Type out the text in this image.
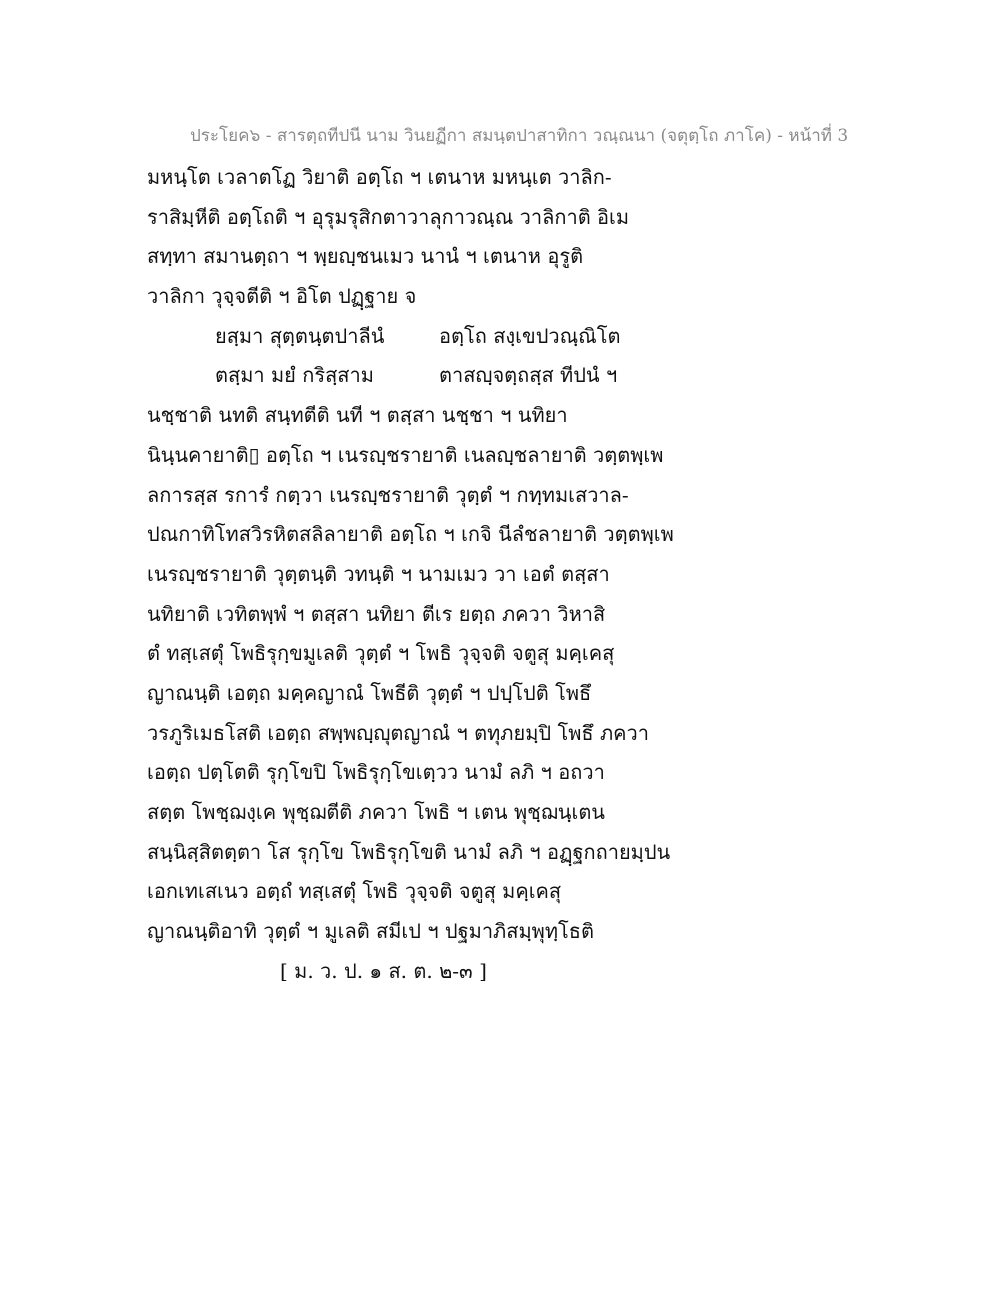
ประโยค๖ - สารตฺถทีปนี นาม วินยฏีกา สมนฺตปาสาทิกา วณฺณนา (จตุตฺโถ ภาโค) - หน้าที่ 3
มหนฺโต เวลาตโฏ วิยาติ อตฺโถ ฯ เตนาห มหนฺเต วาลิก-
ราสิมฺหีติ อตฺโถติ ฯ อุรุมรุสิกตาวาลุกาวณฺณ วาลิกาติ อิเม
สทฺทา สมานตฺถา ฯ พฺยญฺชนเมว นานํ ฯ เตนาห อุรูติ
วาลิกา วุจฺจตีติ ฯ อิโต ปฏฺฐาย จ
ยสฺมา สุตฺตนฺตปาลีนํ	อตฺโถ สงฺเขปวณฺณิโต
ตสฺมา มยํ กริสฺสาม	ตาสญฺจตฺถสฺส ทีปนํ ฯ
นชฺชาติ นทติ สนฺทตีติ นที ฯ ตสฺสา นชฺชา ฯ นทิยา
นินฺนคายาติ▯ อตฺโถ ฯ เนรญฺชรายาติ เนลญฺชลายาติ วตฺตพฺเพ
ลการสฺส รการํ กตฺวา เนรญฺชรายาติ วุตฺตํ ฯ กทฺทมเสวาล-
ปณกาทิโทสวิรหิตสลิลายาติ อตฺโถ ฯ เกจิ นีลํชลายาติ วตฺตพฺเพ
เนรญฺชรายาติ วุตฺตนฺติ วทนฺติ ฯ นามเมว วา เอตํ ตสฺสา
นทิยาติ เวทิตพฺพํ ฯ ตสฺสา นทิยา ตีเร ยตฺถ ภควา วิหาสิ
ตํ ทสฺเสตุํ โพธิรุกฺขมูเลติ วุตฺตํ ฯ โพธิ วุจฺจติ จตูสุ มคฺเคสุ
ญาณนฺติ เอตฺถ มคฺคญาณํ โพธีติ วุตฺตํ ฯ ปปฺโปติ โพธึ
วรภูริเมธโสติ เอตฺถ สพฺพญฺญุตญาณํ ฯ ตทุภยมฺปิ โพธึ ภควา
เอตฺถ ปตฺโตติ รุกฺโขปิ โพธิรุกฺโขเตฺวว นามํ ลภิ ฯ อถวา
สตฺต โพชฺฌงฺเค พุชฺฌตีติ ภควา โพธิ ฯ เตน พุชฺฌนฺเตน
สนฺนิสฺสิตตฺตา โส รุกฺโข โพธิรุกฺโขติ นามํ ลภิ ฯ อฏฺฐกถายมฺปน
เอกเทเสเนว อตฺถํ ทสฺเสตุํ โพธิ วุจฺจติ จตูสุ มคฺเคสุ
ญาณนฺติอาทิ วุตฺตํ ฯ มูเลติ สมีเป ฯ ปฐมาภิสมฺพุทฺโธติ
[ ม. ว. ป. ๑ ส. ต. ๒-๓ ]
